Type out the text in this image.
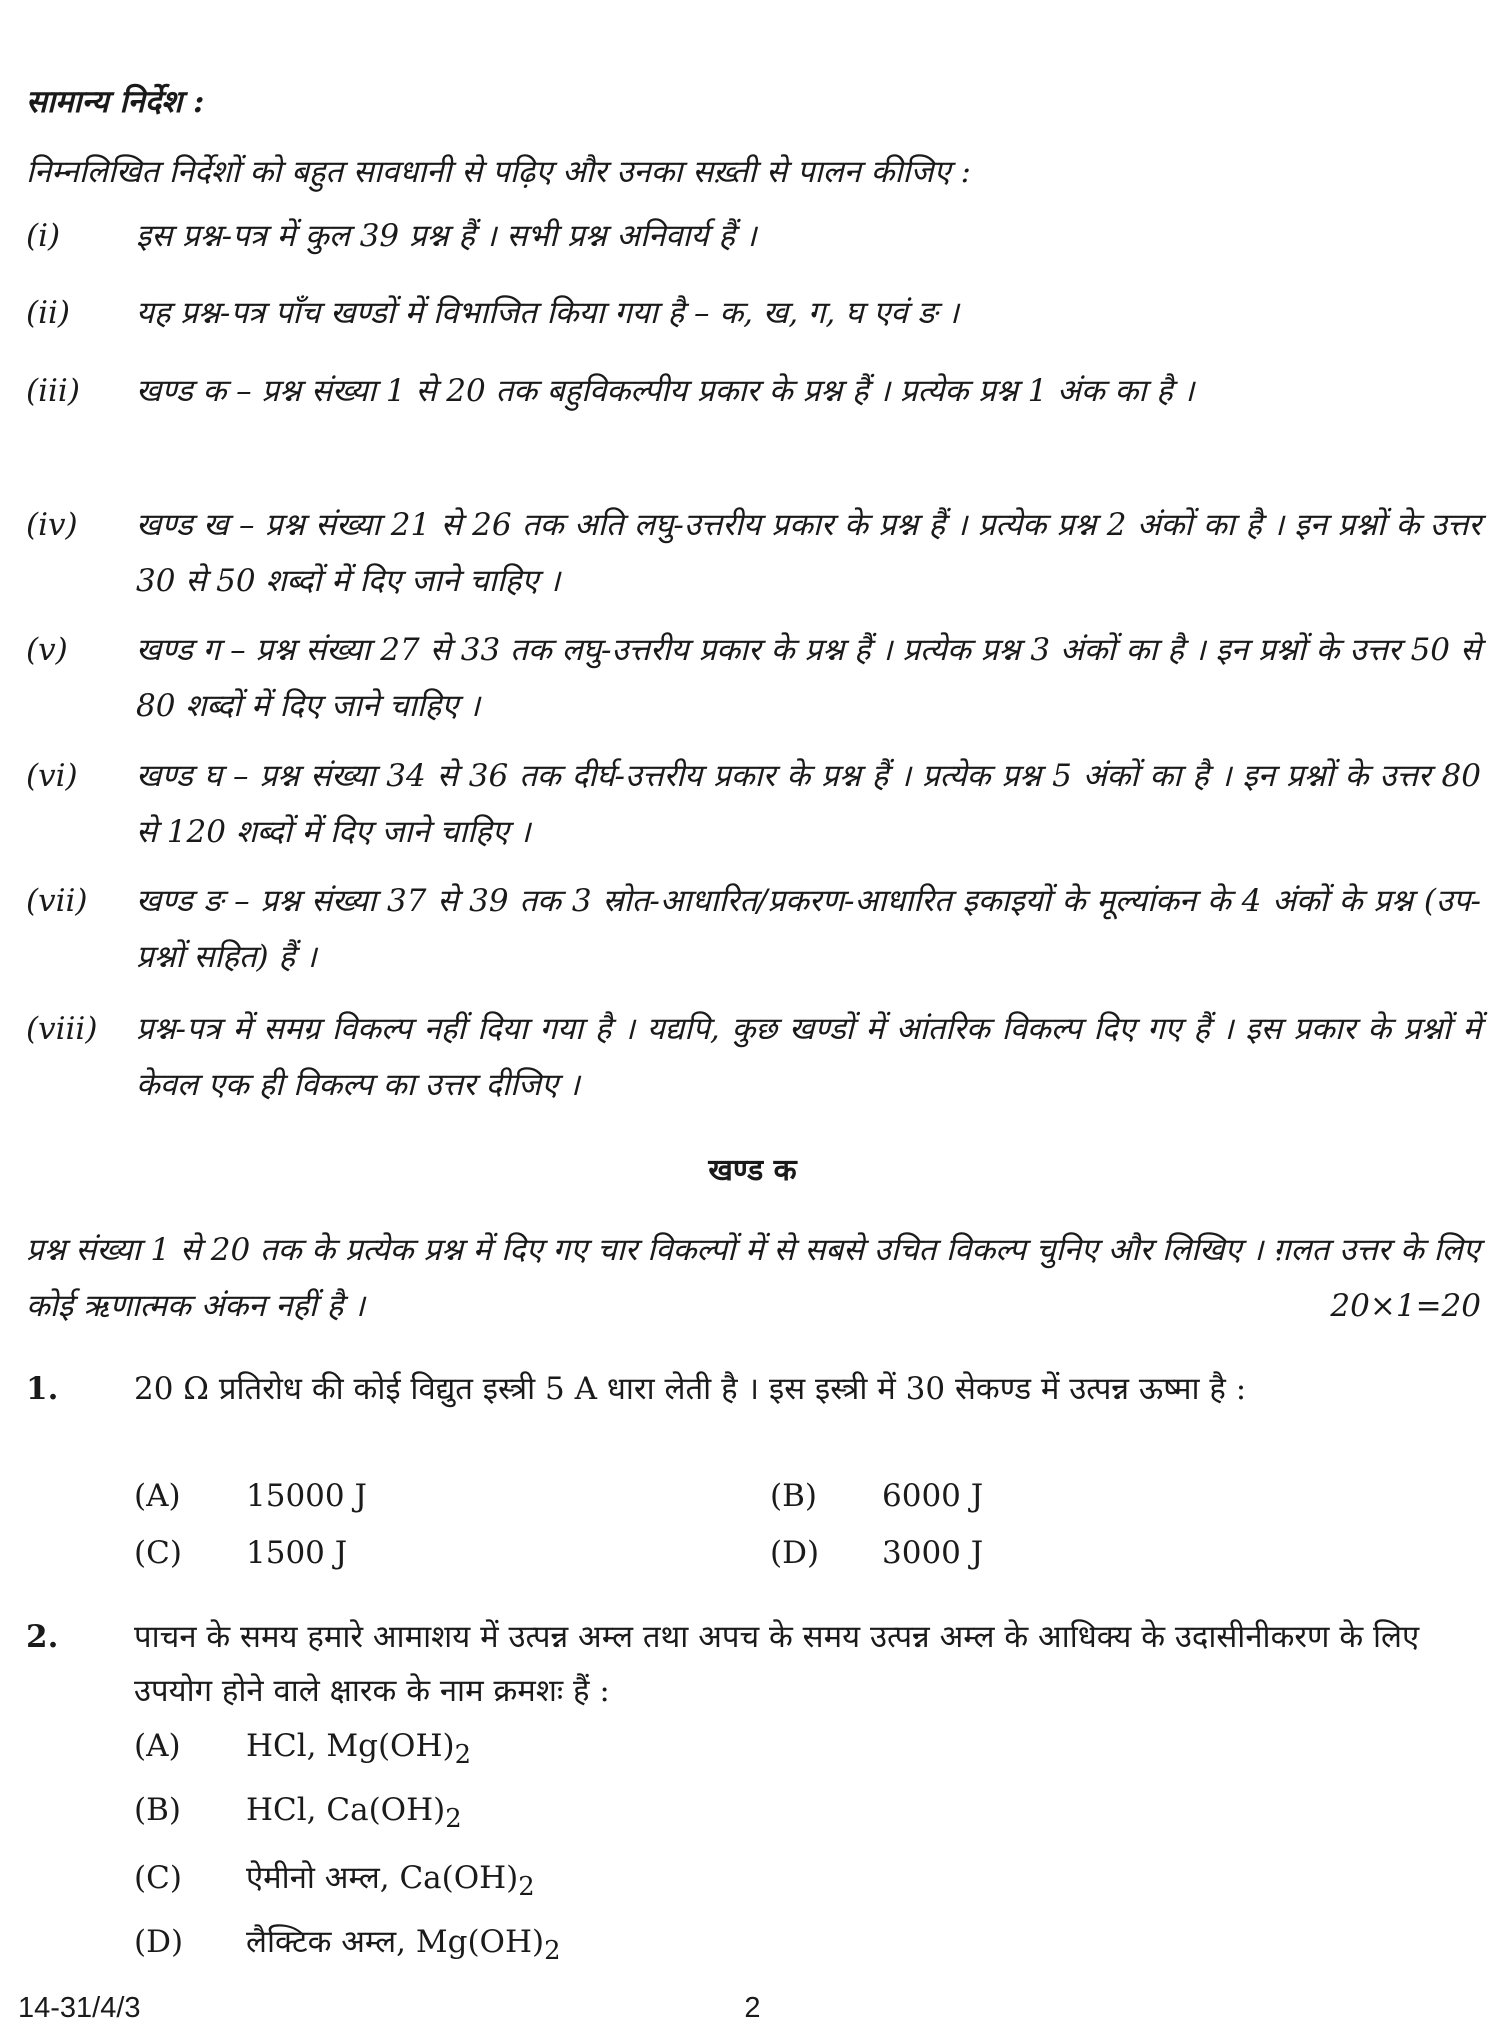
सामान्य निर्देश :
निम्नलिखित निर्देशों को बहुत सावधानी से पढ़िए और उनका सख़्ती से पालन कीजिए :
(i)	इस प्रश्न-पत्र में कुल 39 प्रश्न हैं । सभी प्रश्न अनिवार्य हैं ।
(ii)	यह प्रश्न-पत्र पाँच खण्डों में विभाजित किया गया है – क, ख, ग, घ एवं ङ ।
(iii)	खण्ड क – प्रश्न संख्या 1 से 20 तक बहुविकल्पीय प्रकार के प्रश्न हैं । प्रत्येक प्रश्न 1 अंक का है ।
(iv)	खण्ड ख – प्रश्न संख्या 21 से 26 तक अति लघु-उत्तरीय प्रकार के प्रश्न हैं । प्रत्येक प्रश्न 2 अंकों का है । इन प्रश्नों के उत्तर 30 से 50 शब्दों में दिए जाने चाहिए ।
(v)	खण्ड ग – प्रश्न संख्या 27 से 33 तक लघु-उत्तरीय प्रकार के प्रश्न हैं । प्रत्येक प्रश्न 3 अंकों का है । इन प्रश्नों के उत्तर 50 से 80 शब्दों में दिए जाने चाहिए ।
(vi)	खण्ड घ – प्रश्न संख्या 34 से 36 तक दीर्घ-उत्तरीय प्रकार के प्रश्न हैं । प्रत्येक प्रश्न 5 अंकों का है । इन प्रश्नों के उत्तर 80 से 120 शब्दों में दिए जाने चाहिए ।
(vii)	खण्ड ङ – प्रश्न संख्या 37 से 39 तक 3 स्रोत-आधारित/प्रकरण-आधारित इकाइयों के मूल्यांकन के 4 अंकों के प्रश्न (उप-प्रश्नों सहित) हैं ।
(viii)	प्रश्न-पत्र में समग्र विकल्प नहीं दिया गया है । यद्यपि, कुछ खण्डों में आंतरिक विकल्प दिए गए हैं । इस प्रकार के प्रश्नों में केवल एक ही विकल्प का उत्तर दीजिए ।
खण्ड क
प्रश्न संख्या 1 से 20 तक के प्रत्येक प्रश्न में दिए गए चार विकल्पों में से सबसे उचित विकल्प चुनिए और लिखिए । ग़लत उत्तर के लिए कोई ऋणात्मक अंकन नहीं है ।	20×1=20
1. 20 Ω प्रतिरोध की कोई विद्युत इस्त्री 5 A धारा लेती है । इस इस्त्री में 30 सेकण्ड में उत्पन्न ऊष्मा है :
(A) 15000 J	(B) 6000 J
(C) 1500 J	(D) 3000 J
2. पाचन के समय हमारे आमाशय में उत्पन्न अम्ल तथा अपच के समय उत्पन्न अम्ल के आधिक्य के उदासीनीकरण के लिए उपयोग होने वाले क्षारक के नाम क्रमशः हैं :
(A) HCl, $Mg(OH)_2$
(B) HCl, $Ca(OH)_2$
(C) ऐमीनो अम्ल, $Ca(OH)_2$
(D) लैक्टिक अम्ल, $Mg(OH)_2$
14-31/4/3	2
